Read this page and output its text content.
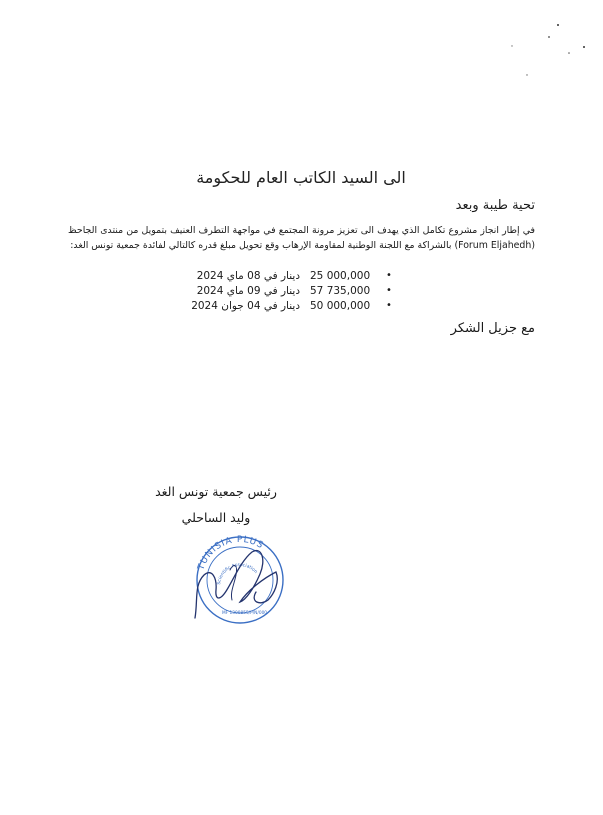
الى السيد الكاتب العام للحكومة
تحية طيبة وبعد
في إطار انجاز مشروع تكامل الذي يهدف الى تعزيز مرونة المجتمع في مواجهة التطرف العنيف بتمويل من منتدى الجاحظ (Forum Eljahedh) بالشراكة مع اللجنة الوطنية لمقاومة الإرهاب وقع تحويل مبلغ قدره كالتالي لفائدة جمعية تونس الغد:
دينار في 08 ماي 2024 25 000,000 •
دينار في 09 ماي 2024 57 735,000 •
دينار في 04 جوان 2024 50 000,000 •
مع جزيل الشكر
رئيس جمعية تونس الغد
وليد الساحلي
TUNISIA PLUS
Scientific Association
MF 1300855/P/N/000
